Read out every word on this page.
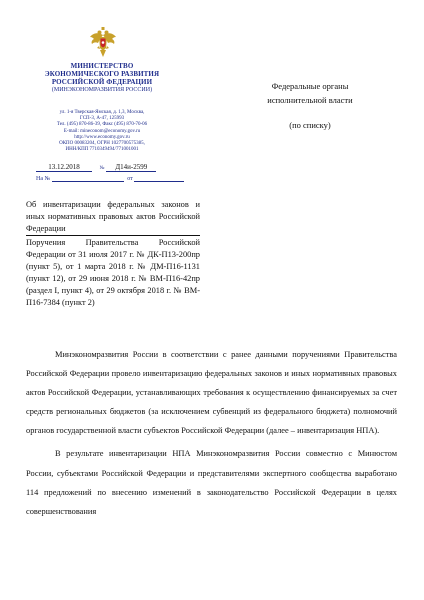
МИНИСТЕРСТВО
ЭКОНОМИЧЕСКОГО РАЗВИТИЯ
РОССИЙСКОЙ ФЕДЕРАЦИИ
(МИНЭКОНОМРАЗВИТИЯ РОССИИ)
ул. 1-я Тверская-Ямская, д. 1,3, Москва,
ГСП-3, А-47, 125993
Тел. (495) 870-86-39, Факс (495) 870-70-06
E-mail: mineconom@economy.gov.ru
http://www.economy.gov.ru
ОКПО 00083204, ОГРН 1027700575385,
ИНН/КПП 7710349494/771001001
13.12.2018	№ Д14и-2599
На №	от
Федеральные органы
исполнительной власти
(по списку)
Об инвентаризации федеральных законов и иных нормативных правовых актов Российской Федерации
Поручения Правительства Российской Федерации от 31 июля 2017 г. № ДК-П13-200пр (пункт 5), от 1 марта 2018 г. № ДМ-П16-1131 (пункт 12), от 29 июня 2018 г. № ВМ-П16-42пр (раздел I, пункт 4), от 29 октября 2018 г. № ВМ-П16-7384 (пункт 2)

Минэкономразвития России в соответствии с ранее данными поручениями Правительства Российской Федерации провело инвентаризацию федеральных законов и иных нормативных правовых актов Российской Федерации, устанавливающих требования к осуществлению финансируемых за счет средств региональных бюджетов (за исключением субвенций из федерального бюджета) полномочий органов государственной власти субъектов Российской Федерации (далее – инвентаризация НПА).

В результате инвентаризации НПА Минэкономразвития России совместно с Минюстом России, субъектами Российской Федерации и представителями экспертного сообщества выработано 114 предложений по внесению изменений в законодательство Российской Федерации в целях совершенствования
